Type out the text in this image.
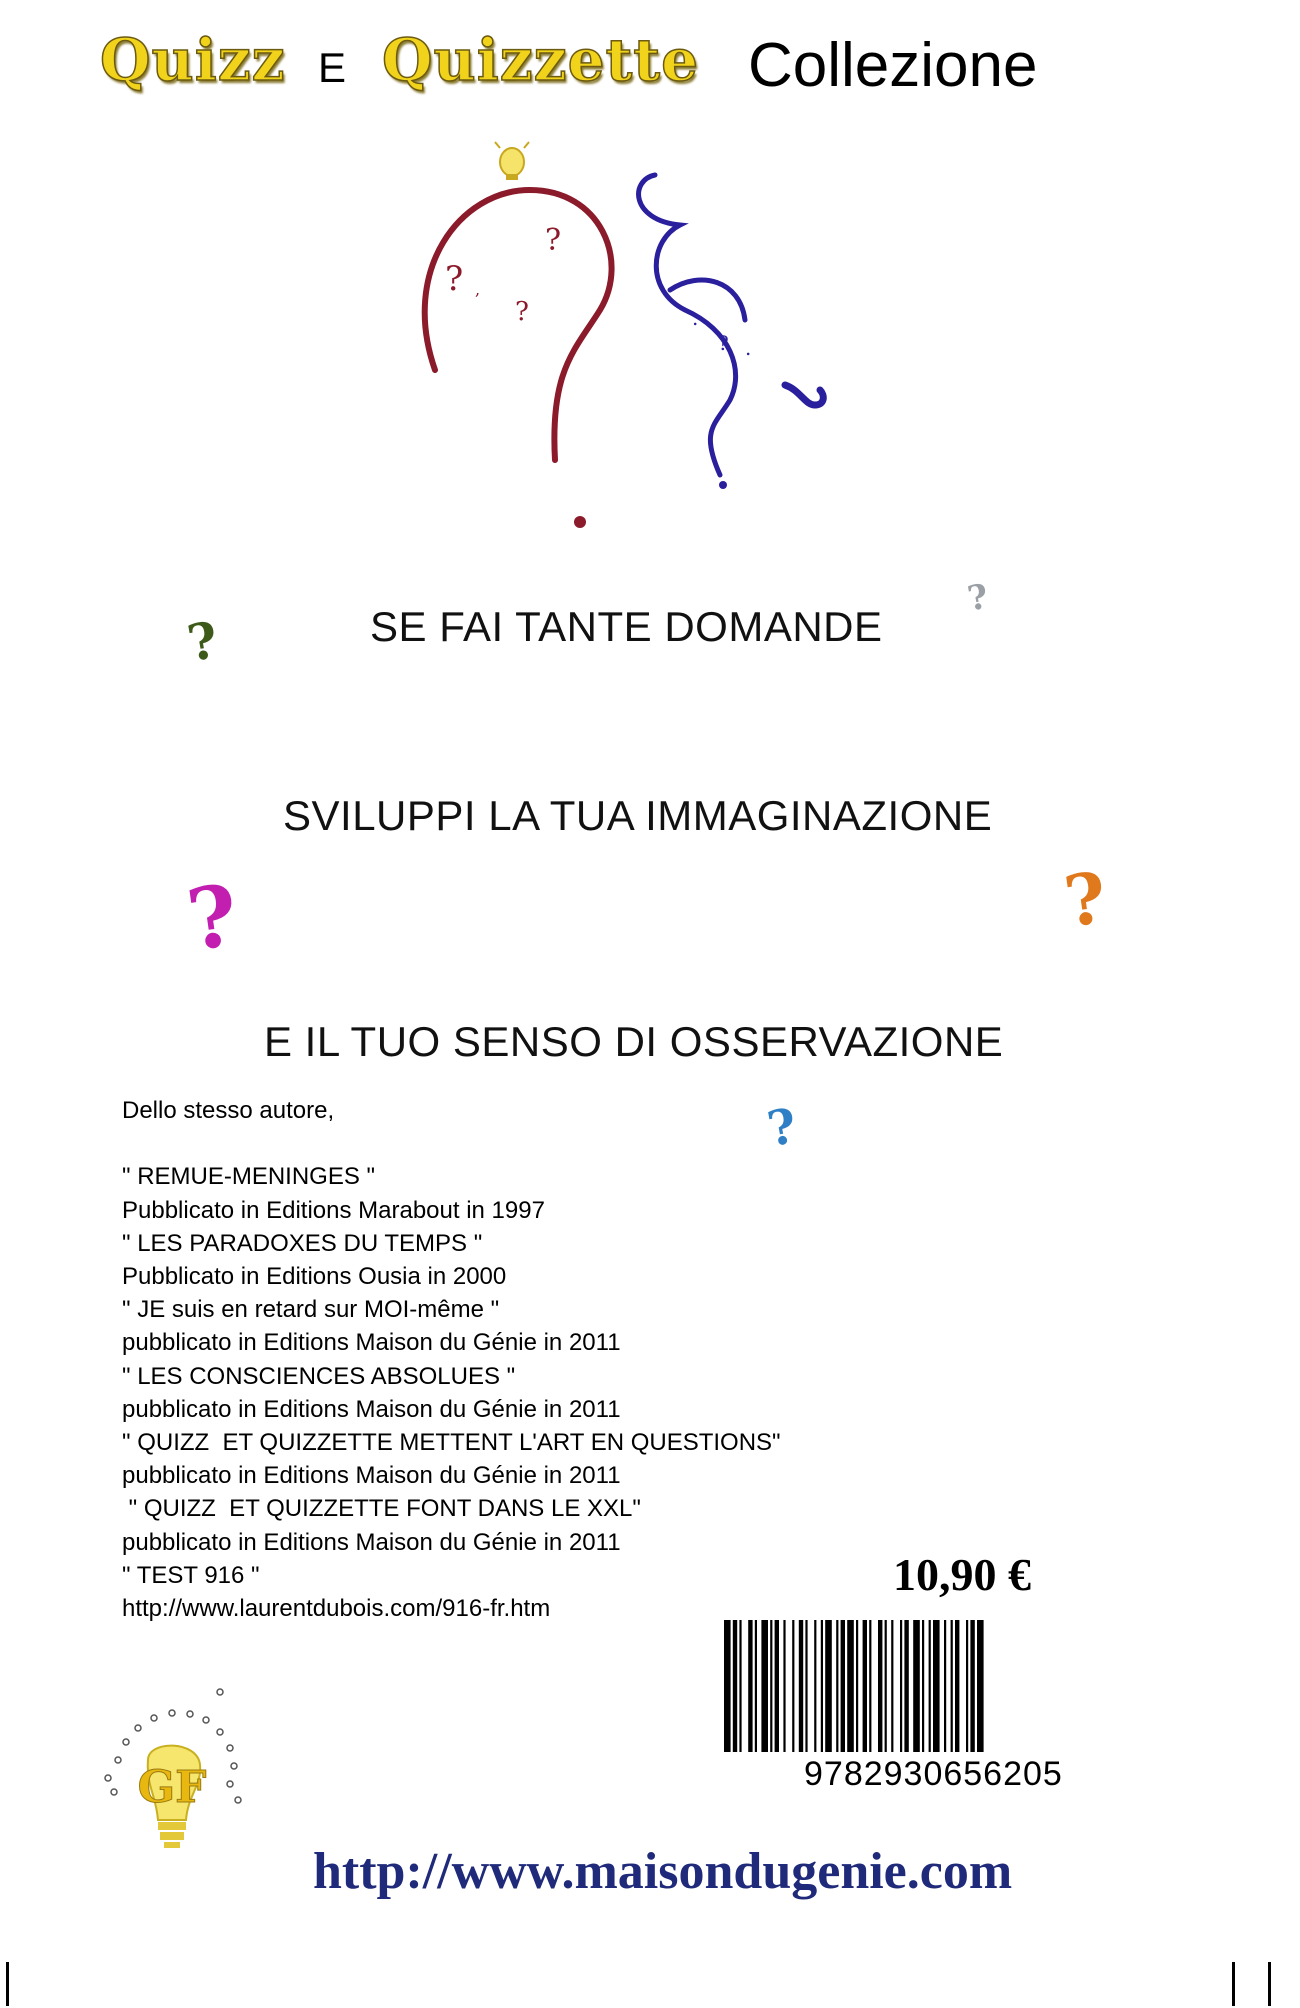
Quizz E Quizzette Collezione
? ,
?
?	.
? .
?
?
?	?
?
SE FAI TANTE DOMANDE
SVILUPPI LA TUA IMMAGINAZIONE
E IL TUO SENSO DI OSSERVAZIONE
Dello stesso autore,

" REMUE-MENINGES "
Pubblicato in Editions Marabout in 1997
" LES PARADOXES DU TEMPS "
Pubblicato in Editions Ousia in 2000
" JE suis en retard sur MOI-même "
pubblicato in Editions Maison du Génie in 2011
" LES CONSCIENCES ABSOLUES "
pubblicato in Editions Maison du Génie in 2011
" QUIZZ  ET QUIZZETTE METTENT L'ART EN QUESTIONS"
pubblicato in Editions Maison du Génie in 2011
" QUIZZ  ET QUIZZETTE FONT DANS LE XXL"
pubblicato in Editions Maison du Génie in 2011
" TEST 916 "
http://www.laurentdubois.com/916-fr.htm
10,90 €
9782930656205
GF
http://www.maisondugenie.com
